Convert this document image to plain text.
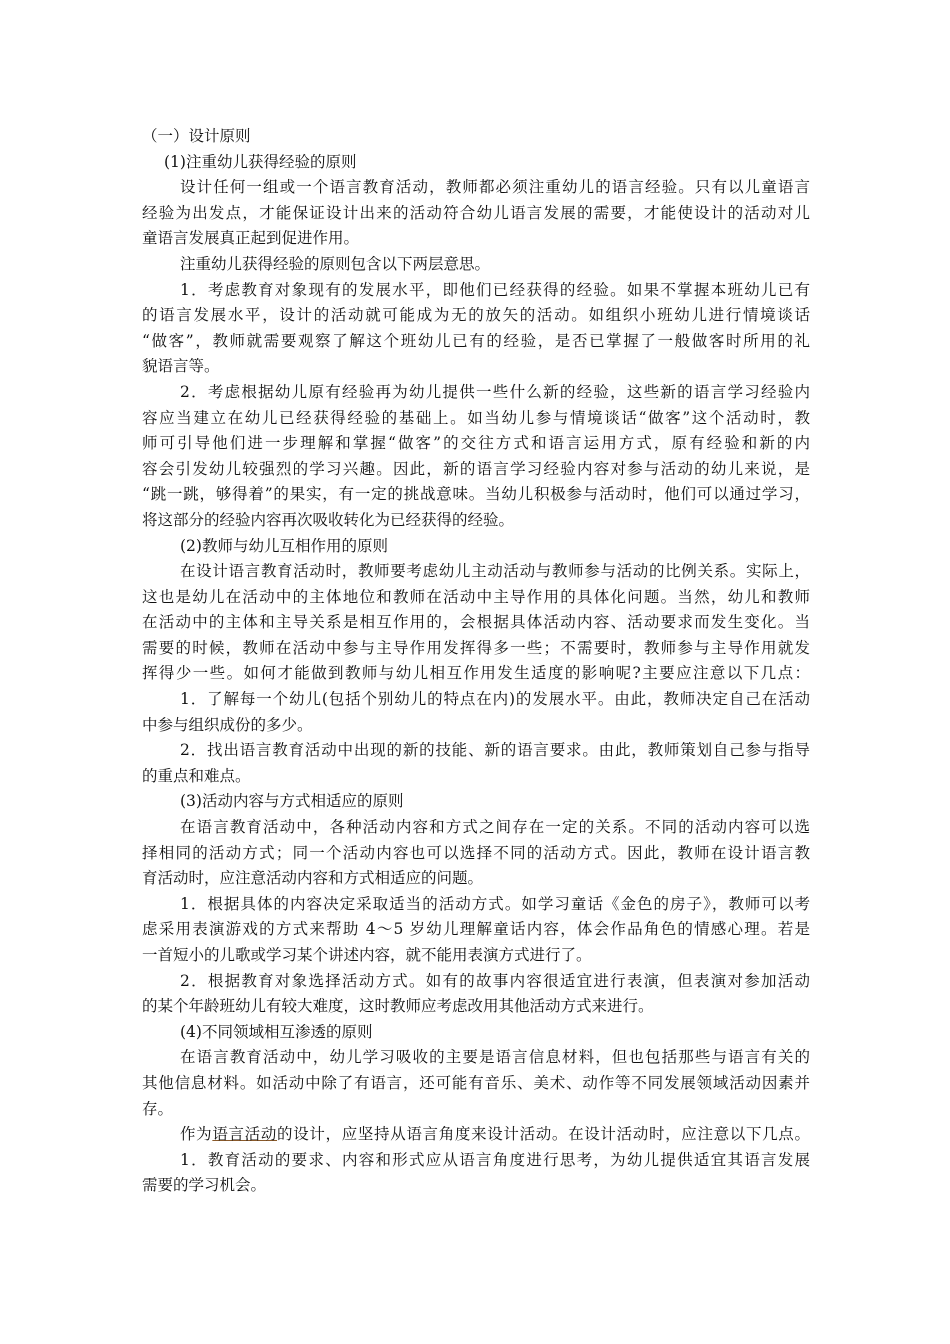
（一）设计原则
(1)注重幼儿获得经验的原则
设计任何一组或一个语言教育活动，教师都必须注重幼儿的语言经验。只有以儿童语言
经验为出发点，才能保证设计出来的活动符合幼儿语言发展的需要，才能使设计的活动对儿
童语言发展真正起到促进作用。
注重幼儿获得经验的原则包含以下两层意思。
1．考虑教育对象现有的发展水平，即他们已经获得的经验。如果不掌握本班幼儿已有
的语言发展水平，设计的活动就可能成为无的放矢的活动。如组织小班幼儿进行情境谈话
“做客”，教师就需要观察了解这个班幼儿已有的经验，是否已掌握了一般做客时所用的礼
貌语言等。
2．考虑根据幼儿原有经验再为幼儿提供一些什么新的经验，这些新的语言学习经验内
容应当建立在幼儿已经获得经验的基础上。如当幼儿参与情境谈话“做客”这个活动时，教
师可引导他们进一步理解和掌握“做客”的交往方式和语言运用方式，原有经验和新的内
容会引发幼儿较强烈的学习兴趣。因此，新的语言学习经验内容对参与活动的幼儿来说，是
“跳一跳，够得着”的果实，有一定的挑战意味。当幼儿积极参与活动时，他们可以通过学习，
将这部分的经验内容再次吸收转化为已经获得的经验。
(2)教师与幼儿互相作用的原则
在设计语言教育活动时，教师要考虑幼儿主动活动与教师参与活动的比例关系。实际上，
这也是幼儿在活动中的主体地位和教师在活动中主导作用的具体化问题。当然，幼儿和教师
在活动中的主体和主导关系是相互作用的，会根据具体活动内容、活动要求而发生变化。当
需要的时候，教师在活动中参与主导作用发挥得多一些；不需要时，教师参与主导作用就发
挥得少一些。如何才能做到教师与幼儿相互作用发生适度的影响呢?主要应注意以下几点：
1．了解每一个幼儿(包括个别幼儿的特点在内)的发展水平。由此，教师决定自己在活动
中参与组织成份的多少。
2．找出语言教育活动中出现的新的技能、新的语言要求。由此，教师策划自己参与指导
的重点和难点。
(3)活动内容与方式相适应的原则
在语言教育活动中，各种活动内容和方式之间存在一定的关系。不同的活动内容可以选
择相同的活动方式；同一个活动内容也可以选择不同的活动方式。因此，教师在设计语言教
育活动时，应注意活动内容和方式相适应的问题。
1．根据具体的内容决定采取适当的活动方式。如学习童话《金色的房子》，教师可以考
虑采用表演游戏的方式来帮助 4～5 岁幼儿理解童话内容，体会作品角色的情感心理。若是
一首短小的儿歌或学习某个讲述内容，就不能用表演方式进行了。
2．根据教育对象选择活动方式。如有的故事内容很适宜进行表演，但表演对参加活动
的某个年龄班幼儿有较大难度，这时教师应考虑改用其他活动方式来进行。
(4)不同领域相互渗透的原则
在语言教育活动中，幼儿学习吸收的主要是语言信息材料，但也包括那些与语言有关的
其他信息材料。如活动中除了有语言，还可能有音乐、美术、动作等不同发展领域活动因素并
存。
作为语言活动的设计，应坚持从语言角度来设计活动。在设计活动时，应注意以下几点。
1．教育活动的要求、内容和形式应从语言角度进行思考，为幼儿提供适宜其语言发展
需要的学习机会。
